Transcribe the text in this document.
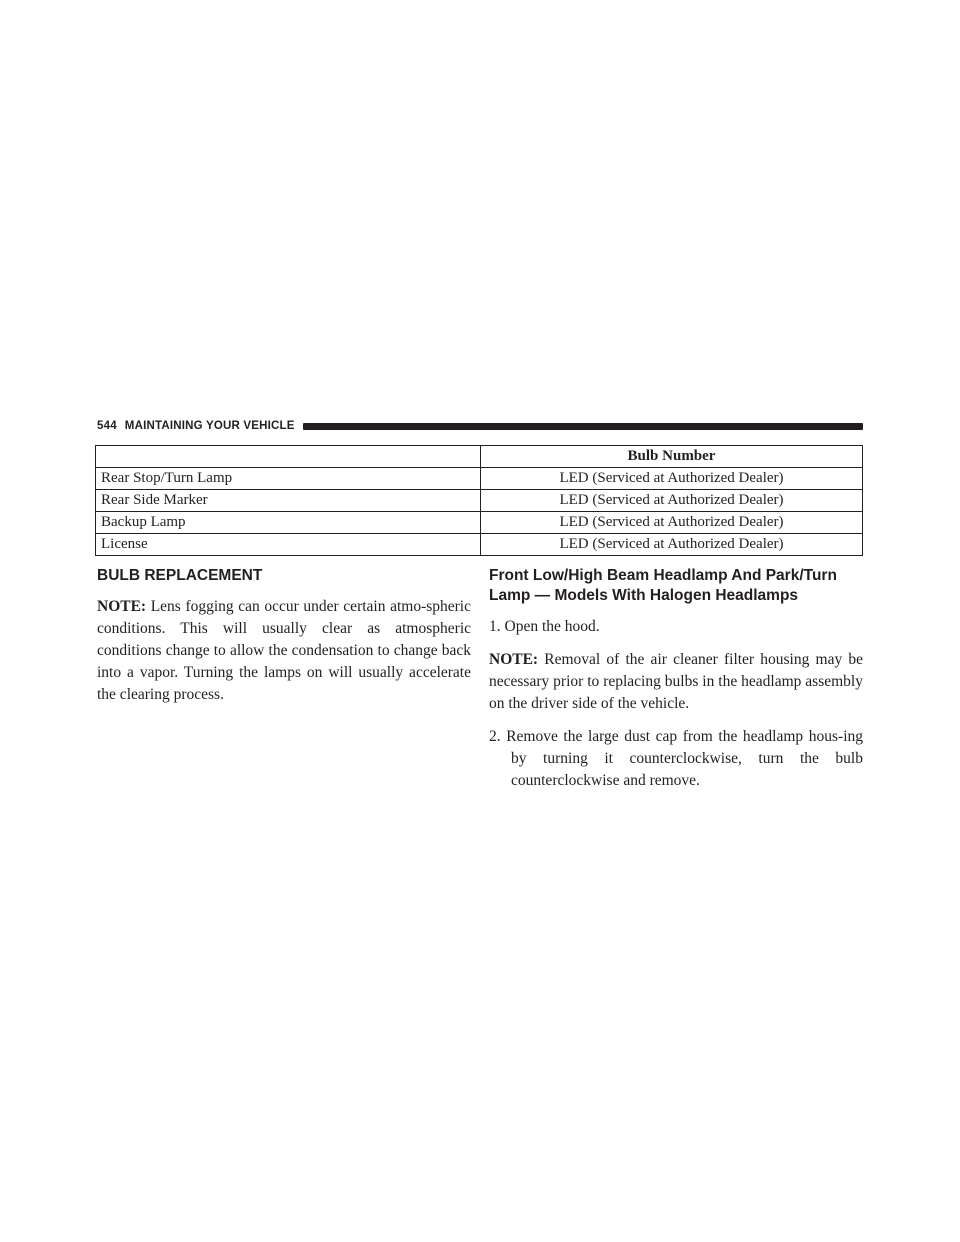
544 MAINTAINING YOUR VEHICLE
	Bulb Number
Rear Stop/Turn Lamp	LED (Serviced at Authorized Dealer)
Rear Side Marker	LED (Serviced at Authorized Dealer)
Backup Lamp	LED (Serviced at Authorized Dealer)
License	LED (Serviced at Authorized Dealer)
BULB REPLACEMENT

NOTE: Lens fogging can occur under certain atmo-spheric conditions. This will usually clear as atmospheric conditions change to allow the condensation to change back into a vapor. Turning the lamps on will usually accelerate the clearing process.

Front Low/High Beam Headlamp And Park/Turn Lamp — Models With Halogen Headlamps

1. Open the hood.

NOTE: Removal of the air cleaner filter housing may be necessary prior to replacing bulbs in the headlamp assembly on the driver side of the vehicle.

2. Remove the large dust cap from the headlamp hous-ing by turning it counterclockwise, turn the bulb counterclockwise and remove.
